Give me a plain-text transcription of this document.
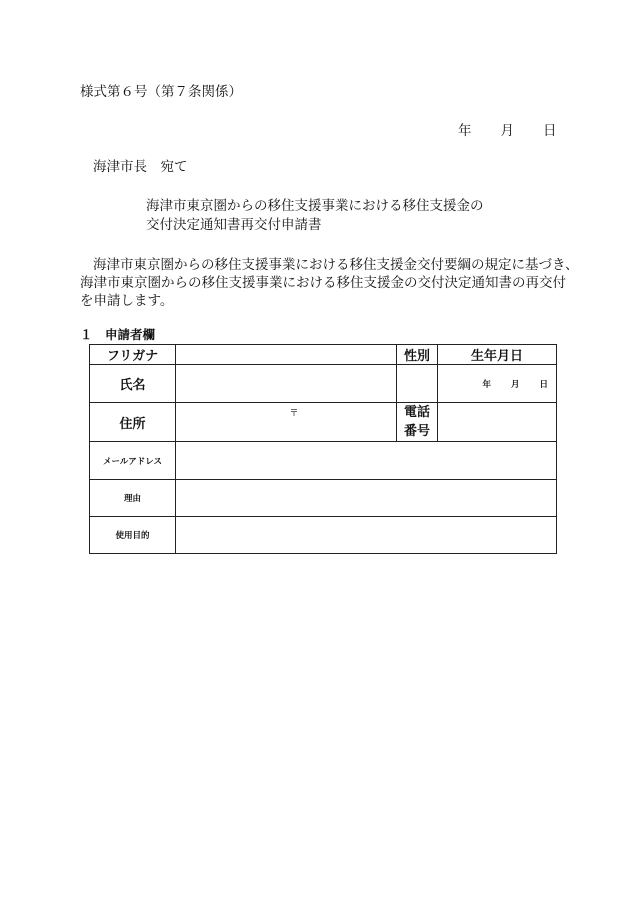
様式第６号（第７条関係）
年 月 日
海津市長　宛て
海津市東京圏からの移住支援事業における移住支援金の
交付決定通知書再交付申請書
海津市東京圏からの移住支援事業における移住支援金交付要綱の規定に基づき、
海津市東京圏からの移住支援事業における移住支援金の交付決定通知書の再交付
を申請します。
１　申請者欄
フリガナ		性別	生年月日
氏名			年 月 日

住所	〒	電話
番号	
メールアドレス			
理由			
使用目的			
